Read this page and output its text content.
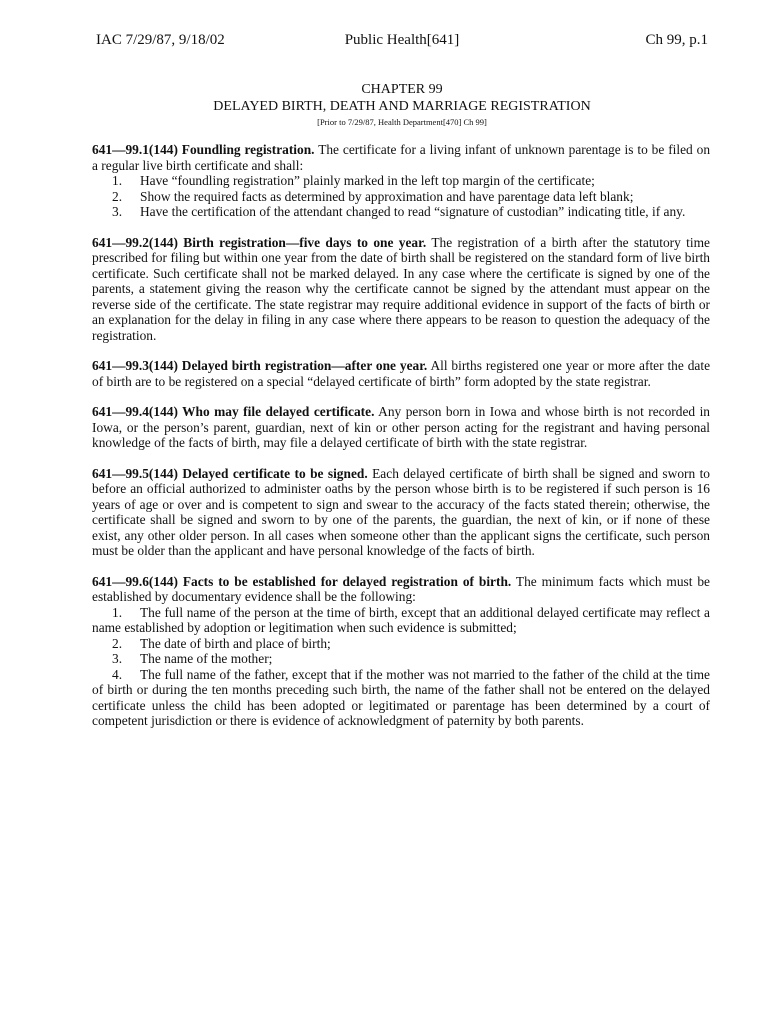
IAC 7/29/87, 9/18/02	Public Health[641]	Ch 99, p.1
CHAPTER 99
DELAYED BIRTH, DEATH AND MARRIAGE REGISTRATION
[Prior to 7/29/87, Health Department[470] Ch 99]

641—99.1(144) Foundling registration. The certificate for a living infant of unknown parentage is to be filed on a regular live birth certificate and shall:

1. Have “foundling registration” plainly marked in the left top margin of the certificate;

2. Show the required facts as determined by approximation and have parentage data left blank;

3. Have the certification of the attendant changed to read “signature of custodian” indicating title, if any.

641—99.2(144) Birth registration—five days to one year. The registration of a birth after the statutory time prescribed for filing but within one year from the date of birth shall be registered on the standard form of live birth certificate. Such certificate shall not be marked delayed. In any case where the certificate is signed by one of the parents, a statement giving the reason why the certificate cannot be signed by the attendant must appear on the reverse side of the certificate. The state registrar may require additional evidence in support of the facts of birth or an explanation for the delay in filing in any case where there appears to be reason to question the adequacy of the registration.

641—99.3(144) Delayed birth registration—after one year. All births registered one year or more after the date of birth are to be registered on a special “delayed certificate of birth” form adopted by the state registrar.

641—99.4(144) Who may file delayed certificate. Any person born in Iowa and whose birth is not recorded in Iowa, or the person’s parent, guardian, next of kin or other person acting for the registrant and having personal knowledge of the facts of birth, may file a delayed certificate of birth with the state registrar.

641—99.5(144) Delayed certificate to be signed. Each delayed certificate of birth shall be signed and sworn to before an official authorized to administer oaths by the person whose birth is to be registered if such person is 16 years of age or over and is competent to sign and swear to the accuracy of the facts stated therein; otherwise, the certificate shall be signed and sworn to by one of the parents, the guardian, the next of kin, or if none of these exist, any other older person. In all cases when someone other than the applicant signs the certificate, such person must be older than the applicant and have personal knowledge of the facts of birth.

641—99.6(144) Facts to be established for delayed registration of birth. The minimum facts which must be established by documentary evidence shall be the following:

1. The full name of the person at the time of birth, except that an additional delayed certificate may reflect a name established by adoption or legitimation when such evidence is submitted;

2. The date of birth and place of birth;

3. The name of the mother;

4. The full name of the father, except that if the mother was not married to the father of the child at the time of birth or during the ten months preceding such birth, the name of the father shall not be entered on the delayed certificate unless the child has been adopted or legitimated or parentage has been determined by a court of competent jurisdiction or there is evidence of acknowledgment of paternity by both parents.
